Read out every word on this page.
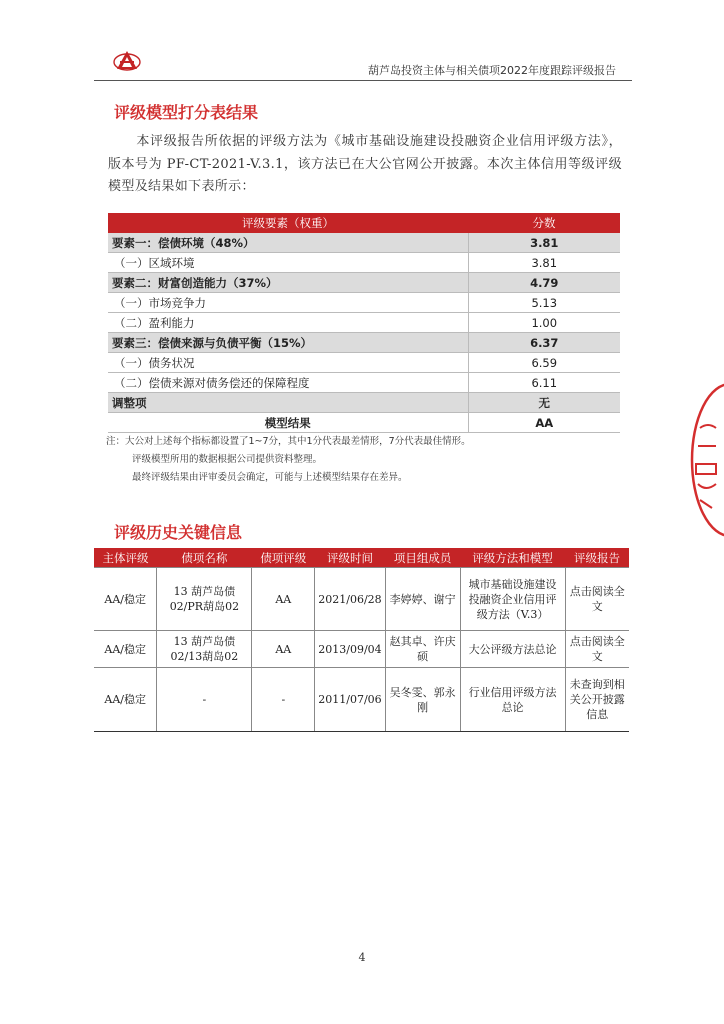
葫芦岛投资主体与相关债项2022年度跟踪评级报告
评级模型打分表结果
本评级报告所依据的评级方法为《城市基础设施建设投融资企业信用评级方法》，版本号为 PF-CT-2021-V.3.1，该方法已在大公官网公开披露。本次主体信用等级评级模型及结果如下表所示：
评级要素（权重）	分数
要素一：偿债环境（48%）	3.81
（一）区域环境	3.81
要素二：财富创造能力（37%）	4.79
（一）市场竞争力	5.13
（二）盈利能力	1.00
要素三：偿债来源与负债平衡（15%）	6.37
（一）债务状况	6.59
（二）偿债来源对债务偿还的保障程度	6.11
调整项	无
模型结果	AA
注：大公对上述每个指标都设置了1~7分，其中1分代表最差情形，7分代表最佳情形。
评级模型所用的数据根据公司提供资料整理。
最终评级结果由评审委员会确定，可能与上述模型结果存在差异。
评级历史关键信息
主体评级	债项名称	债项评级	评级时间	项目组成员	评级方法和模型	评级报告
AA/稳定	13 葫芦岛债02/PR葫岛02	AA	2021/06/28	李婷婷、谢宁	城市基础设施建设投融资企业信用评级方法（V.3）	点击阅读全文
AA/稳定	13 葫芦岛债02/13葫岛02	AA	2013/09/04	赵其卓、许庆硕	大公评级方法总论	点击阅读全文
AA/稳定	-	-	2011/07/06	吴冬雯、郭永刚	行业信用评级方法总论	未查询到相关公开披露信息
4
